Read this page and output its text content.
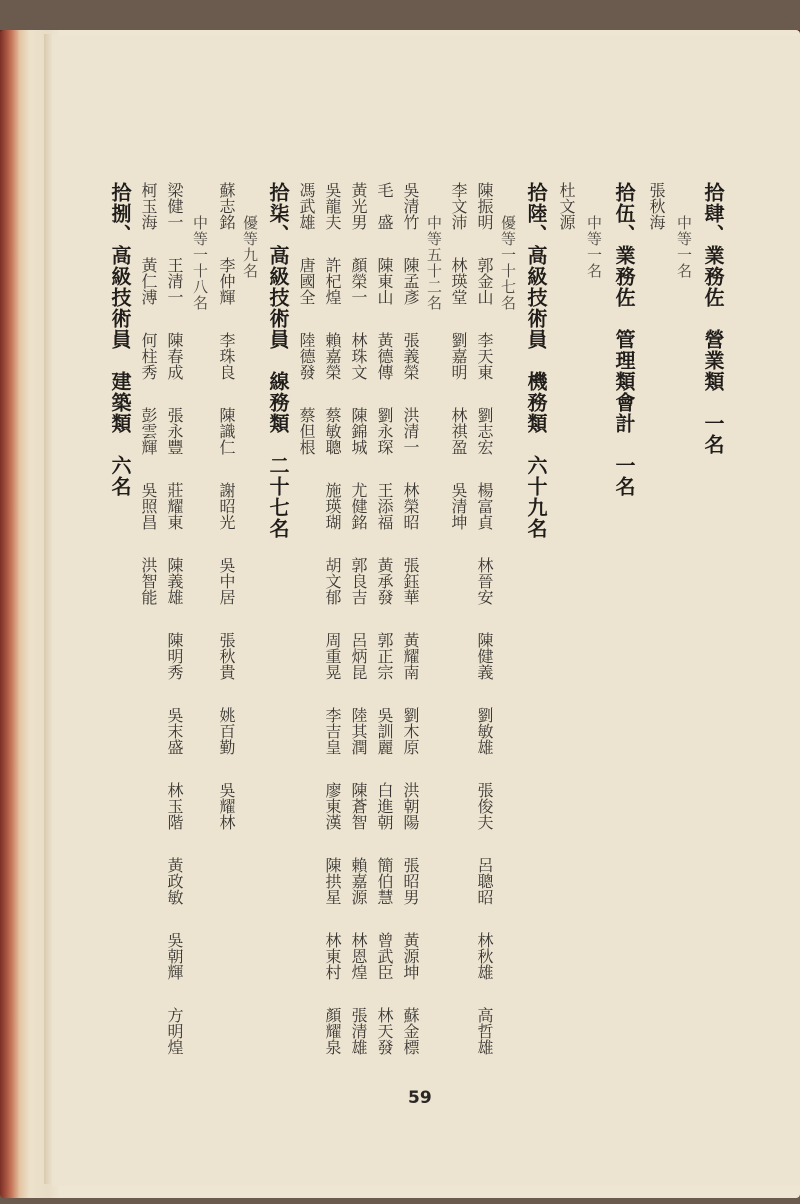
拾肆、業務佐　營業類　一名
中等一名
張秋海
拾伍、業務佐　管理類會計　一名
中等一名
杜文源
拾陸、高級技術員　機務類　六十九名
優等一十七名
陳振明郭金山李天東劉志宏楊富貞林晉安陳健義劉敏雄張俊夫呂聰昭林秋雄高哲雄
李文沛林瑛堂劉嘉明林祺盈吳清坤
中等五十二名
吳清竹陳孟彥張義榮洪清一林榮昭張鈺華黃耀南劉木原洪朝陽張昭男黃源坤蘇金標
毛　盛陳東山黃德傳劉永琛王添福黃承發郭正宗吳訓麗白進朝簡伯慧曾武臣林天發
黃光男顏榮一林珠文陳錦城尤健銘郭良吉呂炳昆陸其潤陳蒼智賴嘉源林恩煌張清雄
吳龍夫許杞煌賴嘉榮蔡敏聰施瑛瑚胡文郁周重晃李吉皇廖東漢陳拱星林東村顏耀泉
馮武雄唐國全陸德發蔡但根
拾柒、高級技術員　線務類　二十七名
優等九名
蘇志銘李仲輝李珠良陳識仁謝昭光吳中居張秋貴姚百勤吳耀林
中等一十八名
梁健一王清一陳春成張永豐莊耀東陳義雄陳明秀吳末盛林玉階黃政敏吳朝輝方明煌
柯玉海黃仁溥何柱秀彭雲輝吳照昌洪智能
拾捌、高級技術員　建築類　六名
59
